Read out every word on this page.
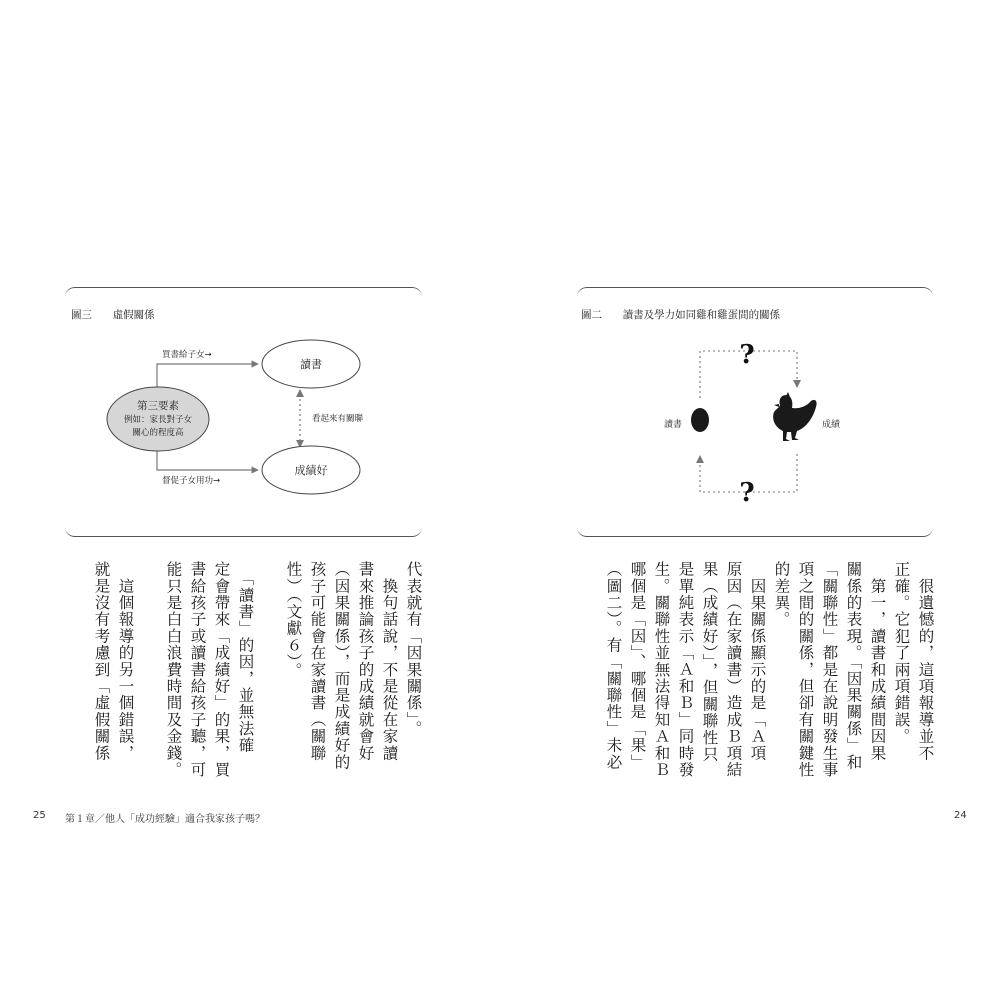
圖三 虛假關係
第三要素
例如：家長對子女
關心的程度高
讀書
成績好
買書給子女→
督促子女用功→
看起來有關聯
代表就有「因果關係」。
　換句話說，不是從在家讀
書來推論孩子的成績就會好
（因果關係），而是成績好的
孩子可能會在家讀書（關聯
性）（文獻６）。
　「讀書」的因，並無法確
定會帶來「成績好」的果，買
書給孩子或讀書給孩子聽，可
能只是白白浪費時間及金錢。
　這個報導的另一個錯誤，
就是沒有考慮到「虛假關係
25 第１章／他人「成功經驗」適合我家孩子嗎？
圖二 讀書及學力如同雞和雞蛋間的關係
?
?
讀書	成績
　很遺憾的，這項報導並不
正確。它犯了兩項錯誤。
　第一，讀書和成績間因果
關係的表現。「因果關係」和
「關聯性」都是在說明發生事
項之間的關係，但卻有關鍵性
的差異。
　因果關係顯示的是「Ａ項
原因（在家讀書）造成Ｂ項結
果（成績好）」，但關聯性只
是單純表示「Ａ和Ｂ」同時發
生。關聯性並無法得知Ａ和Ｂ
哪個是「因」、哪個是「果」
（圖二）。有「關聯性」未必
24
